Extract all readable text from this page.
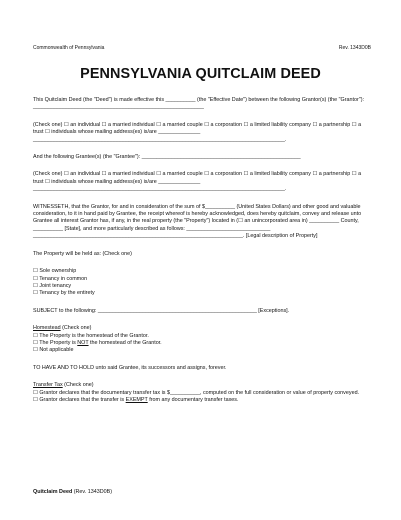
Commonwealth of Pennsylvania	Rev. 1343D0B
PENNSYLVANIA QUITCLAIM DEED

This Quitclaim Deed (the "Deed") is made effective this __________ (the "Effective Date") between the following Grantor(s) (the "Grantor"): _________________________________________________________

(Check one) ☐ an individual ☐ a married individual ☐ a married couple ☐ a corporation ☐ a limited liability company ☐ a partnership ☐ a trust ☐ individuals whose mailing address(es) is/are ______________ ____________________________________________________________________________________.

And the following Grantee(s) (the "Grantee"): _____________________________________________________

(Check one) ☐ an individual ☐ a married individual ☐ a married couple ☐ a corporation ☐ a limited liability company ☐ a partnership ☐ a trust ☐ individuals whose mailing address(es) is/are ______________ ____________________________________________________________________________________.

WITNESSETH, that the Grantor, for and in consideration of the sum of $__________ (United States Dollars) and other good and valuable consideration, to it in hand paid by Grantee, the receipt whereof is hereby acknowledged, does hereby quitclaim, convey and release unto Grantee all interest Grantor has, if any, in the real property (the "Property") located in (☐ an unincorporated area in) __________ County, __________ [State], and more particularly described as follows: ____________________________ ______________________________________________________________________. [Legal description of Property]

The Property will be held as: (Check one)

☐ Sole ownership
☐ Tenancy in common
☐ Joint tenancy
☐ Tenancy by the entirety

SUBJECT to the following: _____________________________________________________ [Exceptions].

Homestead (Check one)
☐ The Property is the homestead of the Grantor.
☐ The Property is NOT the homestead of the Grantor.
☐ Not applicable

TO HAVE AND TO HOLD unto said Grantee, its successors and assigns, forever.

Transfer Tax (Check one)
☐ Grantor declares that the documentary transfer tax is $__________, computed on the full consideration or value of property conveyed.
☐ Grantor declares that the transfer is EXEMPT from any documentary transfer taxes.
Quitclaim Deed (Rev. 1343D0B)
